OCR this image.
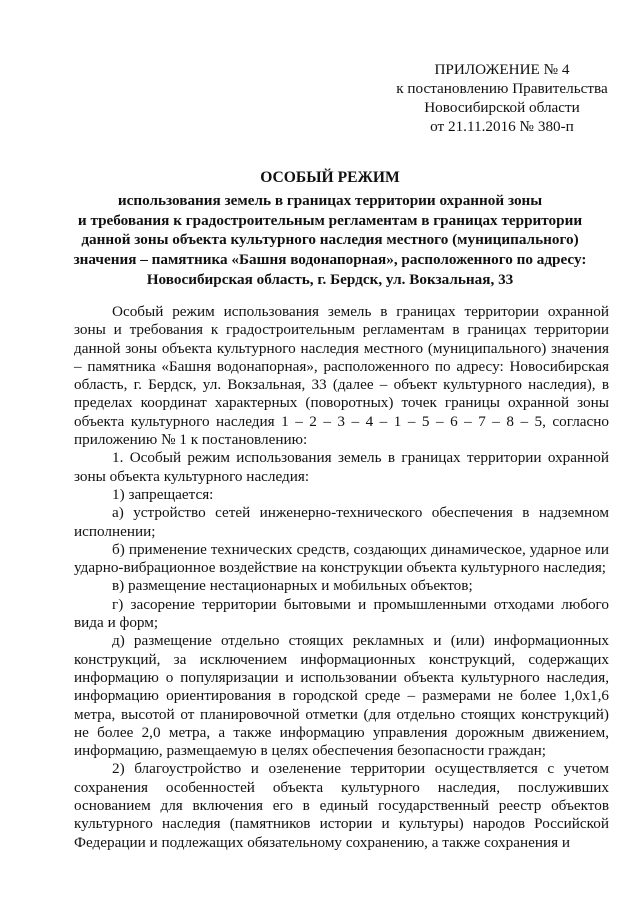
ПРИЛОЖЕНИЕ № 4
к постановлению Правительства
Новосибирской области
от 21.11.2016 № 380-п
ОСОБЫЙ РЕЖИМ
использования земель в границах территории охранной зоны
и требования к градостроительным регламентам в границах территории
данной зоны объекта культурного наследия местного (муниципального)
значения – памятника «Башня водонапорная», расположенного по адресу:
Новосибирская область, г. Бердск, ул. Вокзальная, 33

Особый режим использования земель в границах территории охранной зоны и требования к градостроительным регламентам в границах территории данной зоны объекта культурного наследия местного (муниципального) значения – памятника «Башня водонапорная», расположенного по адресу: Новосибирская область, г. Бердск, ул. Вокзальная, 33 (далее – объект культурного наследия), в пределах координат характерных (поворотных) точек границы охранной зоны объекта культурного наследия 1 – 2 – 3 – 4 – 1 – 5 – 6 – 7 – 8 – 5, согласно приложению № 1 к постановлению:

1. Особый режим использования земель в границах территории охранной зоны объекта культурного наследия:

1) запрещается:

а) устройство сетей инженерно-технического обеспечения в надземном исполнении;

б) применение технических средств, создающих динамическое, ударное или ударно-вибрационное воздействие на конструкции объекта культурного наследия;

в) размещение нестационарных и мобильных объектов;

г) засорение территории бытовыми и промышленными отходами любого вида и форм;

д) размещение отдельно стоящих рекламных и (или) информационных конструкций, за исключением информационных конструкций, содержащих информацию о популяризации и использовании объекта культурного наследия, информацию ориентирования в городской среде – размерами не более 1,0х1,6 метра, высотой от планировочной отметки (для отдельно стоящих конструкций) не более 2,0 метра, а также информацию управления дорожным движением, информацию, размещаемую в целях обеспечения безопасности граждан;

2) благоустройство и озеленение территории осуществляется с учетом сохранения особенностей объекта культурного наследия, послуживших основанием для включения его в единый государственный реестр объектов культурного наследия (памятников истории и культуры) народов Российской Федерации и подлежащих обязательному сохранению, а также сохранения и
